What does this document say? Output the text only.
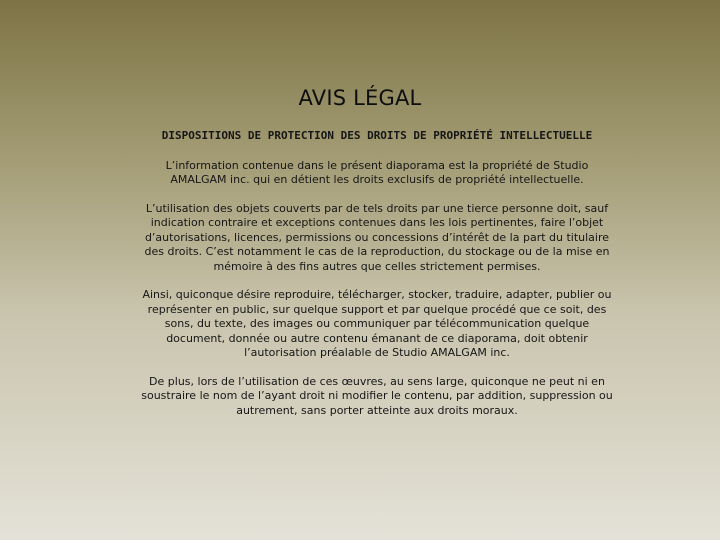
AVIS LÉGAL
DISPOSITIONS DE PROTECTION DES DROITS DE PROPRIÉTÉ INTELLECTUELLE

L’information contenue dans le présent diaporama est la propriété de Studio AMALGAM inc. qui en détient les droits exclusifs de propriété intellectuelle.

L’utilisation des objets couverts par de tels droits par une tierce personne doit, sauf indication contraire et exceptions contenues dans les lois pertinentes, faire l’objet d’autorisations, licences, permissions ou concessions d’intérêt de la part du titulaire des droits. C’est notamment le cas de la reproduction, du stockage ou de la mise en mémoire à des fins autres que celles strictement permises.

Ainsi, quiconque désire reproduire, télécharger, stocker, traduire, adapter, publier ou représenter en public, sur quelque support et par quelque procédé que ce soit, des sons, du texte, des images ou communiquer par télécommunication quelque document, donnée ou autre contenu émanant de ce diaporama, doit obtenir l’autorisation préalable de Studio AMALGAM inc.

De plus, lors de l’utilisation de ces œuvres, au sens large, quiconque ne peut ni en soustraire le nom de l’ayant droit ni modifier le contenu, par addition, suppression ou autrement, sans porter atteinte aux droits moraux.
